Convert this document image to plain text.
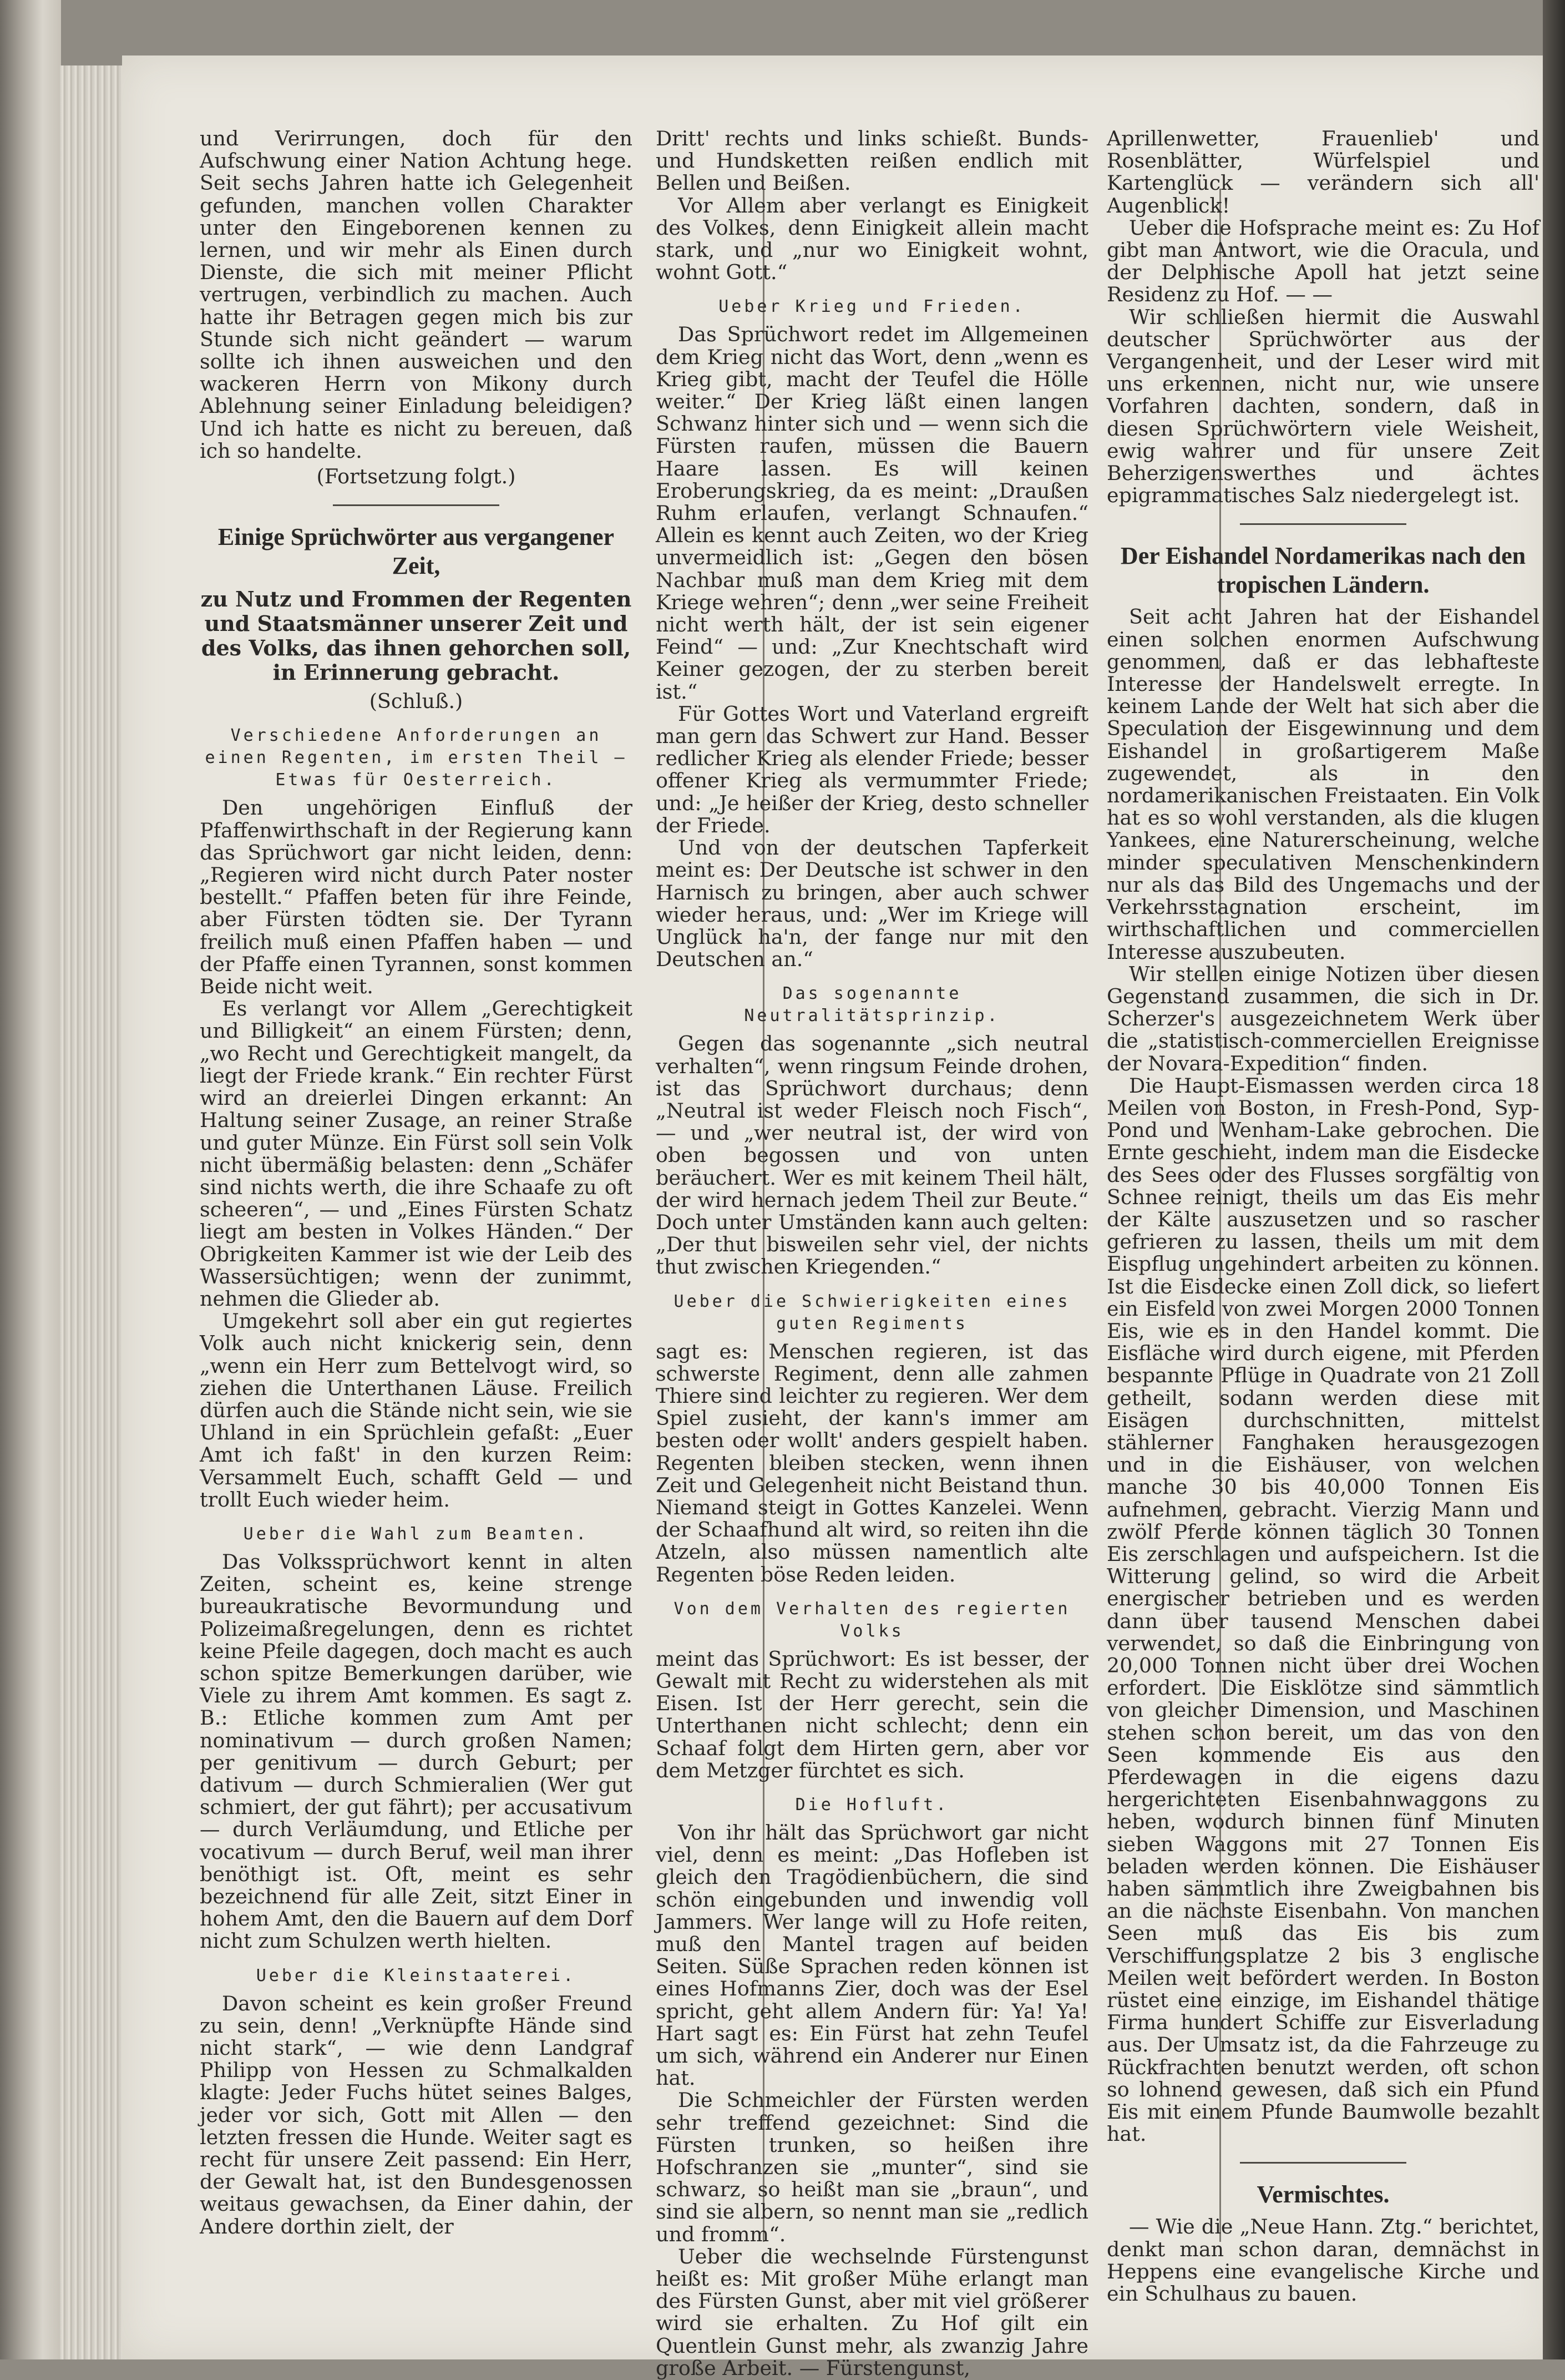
und Verirrungen, doch für den Aufschwung einer Nation Achtung hege. Seit sechs Jahren hatte ich Gelegenheit gefunden, manchen vollen Charakter unter den Eingeborenen kennen zu lernen, und wir mehr als Einen durch Dienste, die sich mit meiner Pflicht vertrugen, verbindlich zu machen. Auch hatte ihr Betragen gegen mich bis zur Stunde sich nicht geändert — warum sollte ich ihnen ausweichen und den wackeren Herrn von Mikony durch Ablehnung seiner Einladung beleidigen? Und ich hatte es nicht zu bereuen, daß ich so handelte.

(Fortsetzung folgt.)
Einige Sprüchwörter aus vergangener Zeit,
zu Nutz und Frommen der Regenten und Staatsmänner unserer Zeit und des Volks, das ihnen gehorchen soll, in Erinnerung gebracht.
(Schluß.)
Verschiedene Anforderungen an einen Regenten, im ersten Theil — Etwas für Oesterreich.

Den ungehörigen Einfluß der Pfaffenwirthschaft in der Regierung kann das Sprüchwort gar nicht leiden, denn: „Regieren wird nicht durch Pater noster bestellt.“ Pfaffen beten für ihre Feinde, aber Fürsten tödten sie. Der Tyrann freilich muß einen Pfaffen haben — und der Pfaffe einen Tyrannen, sonst kommen Beide nicht weit.

Es verlangt vor Allem „Gerechtigkeit und Billigkeit“ an einem Fürsten; denn, „wo Recht und Gerechtigkeit mangelt, da liegt der Friede krank.“ Ein rechter Fürst wird an dreierlei Dingen erkannt: An Haltung seiner Zusage, an reiner Straße und guter Münze. Ein Fürst soll sein Volk nicht übermäßig belasten: denn „Schäfer sind nichts werth, die ihre Schaafe zu oft scheeren“, — und „Eines Fürsten Schatz liegt am besten in Volkes Händen.“ Der Obrigkeiten Kammer ist wie der Leib des Wassersüchtigen; wenn der zunimmt, nehmen die Glieder ab.

Umgekehrt soll aber ein gut regiertes Volk auch nicht knickerig sein, denn „wenn ein Herr zum Bettelvogt wird, so ziehen die Unterthanen Läuse. Freilich dürfen auch die Stände nicht sein, wie sie Uhland in ein Sprüchlein gefaßt: „Euer Amt ich faßt' in den kurzen Reim: Versammelt Euch, schafft Geld — und trollt Euch wieder heim.

Ueber die Wahl zum Beamten.

Das Volkssprüchwort kennt in alten Zeiten, scheint es, keine strenge bureaukratische Bevormundung und Polizeimaßregelungen, denn es richtet keine Pfeile dagegen, doch macht es auch schon spitze Bemerkungen darüber, wie Viele zu ihrem Amt kommen. Es sagt z. B.: Etliche kommen zum Amt per nominativum — durch großen Namen; per genitivum — durch Geburt; per dativum — durch Schmieralien (Wer gut schmiert, der gut fährt); per accusativum — durch Verläumdung, und Etliche per vocativum — durch Beruf, weil man ihrer benöthigt ist. Oft, meint es sehr bezeichnend für alle Zeit, sitzt Einer in hohem Amt, den die Bauern auf dem Dorf nicht zum Schulzen werth hielten.

Ueber die Kleinstaaterei.

Davon scheint es kein großer Freund zu sein, denn! „Verknüpfte Hände sind nicht stark“, — wie denn Landgraf Philipp von Hessen zu Schmalkalden klagte: Jeder Fuchs hütet seines Balges, jeder vor sich, Gott mit Allen — den letzten fressen die Hunde. Weiter sagt es recht für unsere Zeit passend: Ein Herr, der Gewalt hat, ist den Bundesgenossen weitaus gewachsen, da Einer dahin, der Andere dorthin zielt, der

Dritt' rechts und links schießt. Bunds- und Hundsketten reißen endlich mit Bellen und Beißen.

Vor Allem aber verlangt es Einigkeit des Volkes, denn Einigkeit allein macht stark, und „nur wo Einigkeit wohnt, wohnt Gott.“

Ueber Krieg und Frieden.

Das Sprüchwort redet im Allgemeinen dem Krieg nicht das Wort, denn „wenn es Krieg gibt, macht der Teufel die Hölle weiter.“ Der Krieg läßt einen langen Schwanz hinter sich und — wenn sich die Fürsten raufen, müssen die Bauern Haare lassen. Es will keinen Eroberungskrieg, da es meint: „Draußen Ruhm erlaufen, verlangt Schnaufen.“ Allein es kennt auch Zeiten, wo der Krieg unvermeidlich ist: „Gegen den bösen Nachbar muß man dem Krieg mit dem Kriege wehren“; denn „wer seine Freiheit nicht werth hält, der ist sein eigener Feind“ — und: „Zur Knechtschaft wird Keiner gezogen, der zu sterben bereit ist.“

Für Gottes Wort und Vaterland ergreift man gern das Schwert zur Hand. Besser redlicher Krieg als elender Friede; besser offener Krieg als vermummter Friede; und: „Je heißer der Krieg, desto schneller der Friede.

Und von der deutschen Tapferkeit meint es: Der Deutsche ist schwer in den Harnisch zu bringen, aber auch schwer wieder heraus, und: „Wer im Kriege will Unglück ha'n, der fange nur mit den Deutschen an.“

Das sogenannte Neutralitätsprinzip.

Gegen das sogenannte „sich neutral verhalten“, wenn ringsum Feinde drohen, ist das Sprüchwort durchaus; denn „Neutral ist weder Fleisch noch Fisch“, — und „wer neutral ist, der wird von oben begossen und von unten beräuchert. Wer es mit keinem Theil hält, der wird hernach jedem Theil zur Beute.“ Doch unter Umständen kann auch gelten: „Der thut bisweilen sehr viel, der nichts thut zwischen Kriegenden.“

Ueber die Schwierigkeiten eines guten Regiments

sagt es: Menschen regieren, ist das schwerste Regiment, denn alle zahmen Thiere sind leichter zu regieren. Wer dem Spiel zusieht, der kann's immer am besten oder wollt' anders gespielt haben. Regenten bleiben stecken, wenn ihnen Zeit und Gelegenheit nicht Beistand thun. Niemand steigt in Gottes Kanzelei. Wenn der Schaafhund alt wird, so reiten ihn die Atzeln, also müssen namentlich alte Regenten böse Reden leiden.

Von dem Verhalten des regierten Volks

meint das Sprüchwort: Es ist besser, der Gewalt mit Recht zu widerstehen als mit Eisen. Ist der Herr gerecht, sein die Unterthanen nicht schlecht; denn ein Schaaf folgt dem Hirten gern, aber vor dem Metzger fürchtet es sich.

Die Hofluft.

Von ihr hält das Sprüchwort gar nicht viel, denn es meint: „Das Hofleben ist gleich den Tragödienbüchern, die sind schön eingebunden und inwendig voll Jammers. Wer lange will zu Hofe reiten, muß den Mantel tragen auf beiden Seiten. Süße Sprachen reden können ist eines Hofmanns Zier, doch was der Esel spricht, geht allem Andern für: Ya! Ya! Hart sagt es: Ein Fürst hat zehn Teufel um sich, während ein Anderer nur Einen hat.

Die Schmeichler der Fürsten werden sehr treffend gezeichnet: Sind die Fürsten trunken, so heißen ihre Hofschranzen sie „munter“, sind sie schwarz, so heißt man sie „braun“, und sind sie albern, so nennt man sie „redlich und fromm“.

Ueber die wechselnde Fürstengunst heißt es: Mit großer Mühe erlangt man des Fürsten Gunst, aber mit viel größerer wird sie erhalten. Zu Hof gilt ein Quentlein Gunst mehr, als zwanzig Jahre große Arbeit. — Fürstengunst,

Aprillenwetter, Frauenlieb' und Rosenblätter, Würfelspiel und Kartenglück — verändern sich all' Augenblick!

Ueber die Hofsprache meint es: Zu Hof gibt man Antwort, wie die Oracula, und der Delphische Apoll hat jetzt seine Residenz zu Hof. — —

Wir schließen hiermit die Auswahl deutscher Sprüchwörter aus der Vergangenheit, und der Leser wird mit uns erkennen, nicht nur, wie unsere Vorfahren dachten, sondern, daß in diesen Sprüchwörtern viele Weisheit, ewig wahrer und für unsere Zeit Beherzigenswerthes und ächtes epigrammatisches Salz niedergelegt ist.

Der Eishandel Nordamerikas nach den tropischen Ländern.

Seit acht Jahren hat der Eishandel einen solchen enormen Aufschwung genommen, daß er das lebhafteste Interesse der Handelswelt erregte. In keinem Lande der Welt hat sich aber die Speculation der Eisgewinnung und dem Eishandel in großartigerem Maße zugewendet, als in den nordamerikanischen Freistaaten. Ein Volk hat es so wohl verstanden, als die klugen Yankees, eine Naturerscheinung, welche minder speculativen Menschenkindern nur als das Bild des Ungemachs und der Verkehrsstagnation erscheint, im wirthschaftlichen und commerciellen Interesse auszubeuten.

Wir stellen einige Notizen über diesen Gegenstand zusammen, die sich in Dr. Scherzer's ausgezeichnetem Werk über die „statistisch-commerciellen Ereignisse der Novara-Expedition“ finden.

Die Haupt-Eismassen werden circa 18 Meilen von Boston, in Fresh-Pond, Syp-Pond und Wenham-Lake gebrochen. Die Ernte geschieht, indem man die Eisdecke des Sees oder des Flusses sorgfältig von Schnee reinigt, theils um das Eis mehr der Kälte auszusetzen und so rascher gefrieren zu lassen, theils um mit dem Eispflug ungehindert arbeiten zu können. Ist die Eisdecke einen Zoll dick, so liefert ein Eisfeld von zwei Morgen 2000 Tonnen Eis, wie es in den Handel kommt. Die Eisfläche wird durch eigene, mit Pferden bespannte Pflüge in Quadrate von 21 Zoll getheilt, sodann werden diese mit Eisägen durchschnitten, mittelst stählerner Fanghaken herausgezogen und in die Eishäuser, von welchen manche 30 bis 40,000 Tonnen Eis aufnehmen, gebracht. Vierzig Mann und zwölf Pferde können täglich 30 Tonnen Eis zerschlagen und aufspeichern. Ist die Witterung gelind, so wird die Arbeit energischer betrieben und es werden dann über tausend Menschen dabei verwendet, so daß die Einbringung von 20,000 Tonnen nicht über drei Wochen erfordert. Die Eisklötze sind sämmtlich von gleicher Dimension, und Maschinen stehen schon bereit, um das von den Seen kommende Eis aus den Pferdewagen in die eigens dazu hergerichteten Eisenbahnwaggons zu heben, wodurch binnen fünf Minuten sieben Waggons mit 27 Tonnen Eis beladen werden können. Die Eishäuser haben sämmtlich ihre Zweigbahnen bis an die nächste Eisenbahn. Von manchen Seen muß das Eis bis zum Verschiffungsplatze 2 bis 3 englische Meilen weit befördert werden. In Boston rüstet eine einzige, im Eishandel thätige Firma hundert Schiffe zur Eisverladung aus. Der Umsatz ist, da die Fahrzeuge zu Rückfrachten benutzt werden, oft schon so lohnend gewesen, daß sich ein Pfund Eis mit einem Pfunde Baumwolle bezahlt hat.

Vermischtes.

— Wie die „Neue Hann. Ztg.“ berichtet, denkt man schon daran, demnächst in Heppens eine evangelische Kirche und ein Schulhaus zu bauen.
